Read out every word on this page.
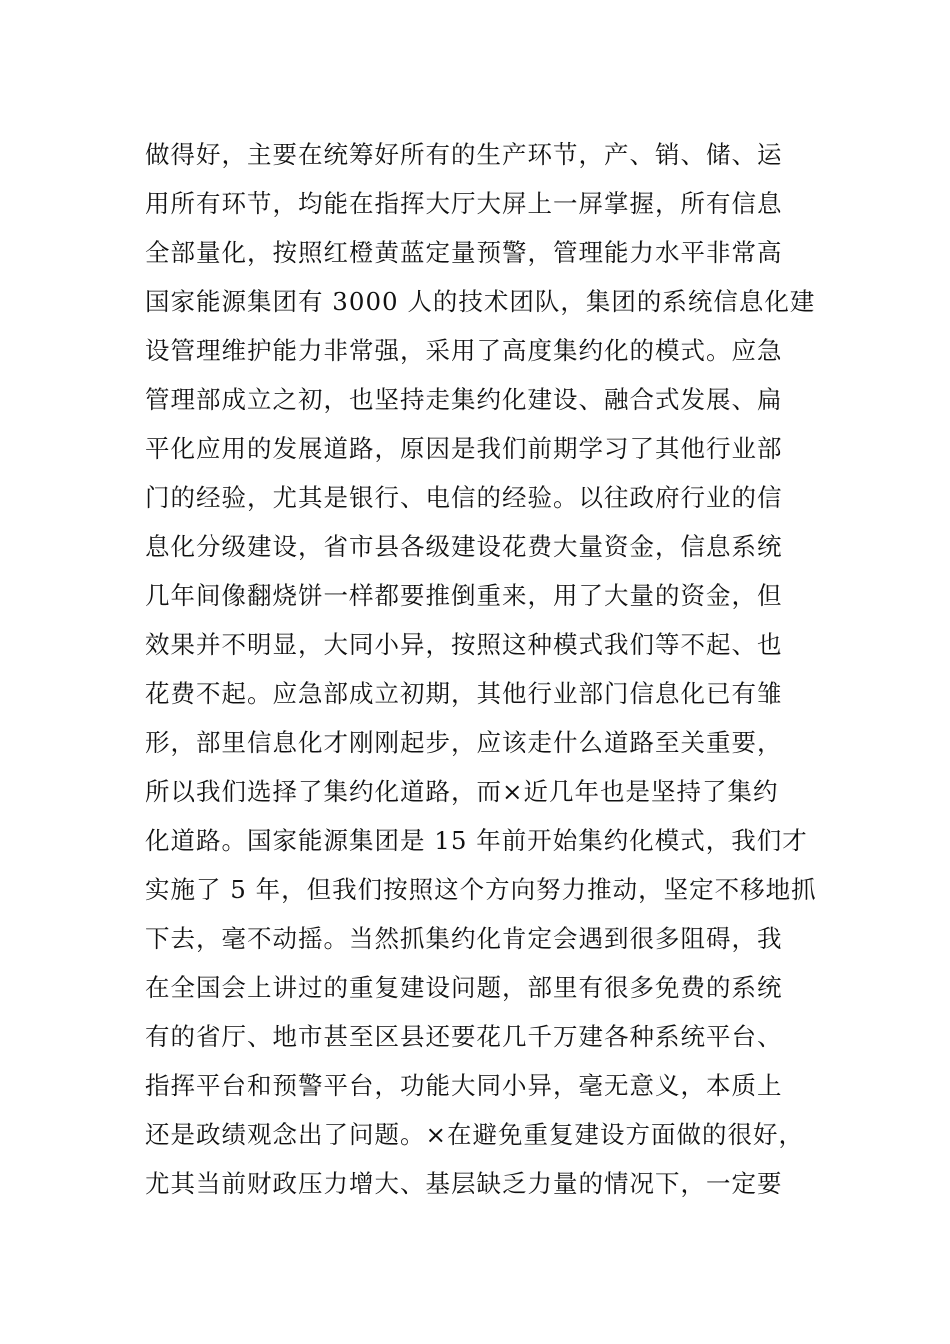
做得好，主要在统筹好所有的生产环节，产、销、储、运
用所有环节，均能在指挥大厅大屏上一屏掌握，所有信息
全部量化，按照红橙黄蓝定量预警，管理能力水平非常高
国家能源集团有 3000 人的技术团队，集团的系统信息化建
设管理维护能力非常强，采用了高度集约化的模式。应急
管理部成立之初，也坚持走集约化建设、融合式发展、扁
平化应用的发展道路，原因是我们前期学习了其他行业部
门的经验，尤其是银行、电信的经验。以往政府行业的信
息化分级建设，省市县各级建设花费大量资金，信息系统
几年间像翻烧饼一样都要推倒重来，用了大量的资金，但
效果并不明显，大同小异，按照这种模式我们等不起、也
花费不起。应急部成立初期，其他行业部门信息化已有雏
形，部里信息化才刚刚起步，应该走什么道路至关重要，
所以我们选择了集约化道路，而×近几年也是坚持了集约
化道路。国家能源集团是 15 年前开始集约化模式，我们才
实施了 5 年，但我们按照这个方向努力推动，坚定不移地抓
下去，毫不动摇。当然抓集约化肯定会遇到很多阻碍，我
在全国会上讲过的重复建设问题，部里有很多免费的系统
有的省厅、地市甚至区县还要花几千万建各种系统平台、
指挥平台和预警平台，功能大同小异，毫无意义，本质上
还是政绩观念出了问题。×在避免重复建设方面做的很好，
尤其当前财政压力增大、基层缺乏力量的情况下，一定要
